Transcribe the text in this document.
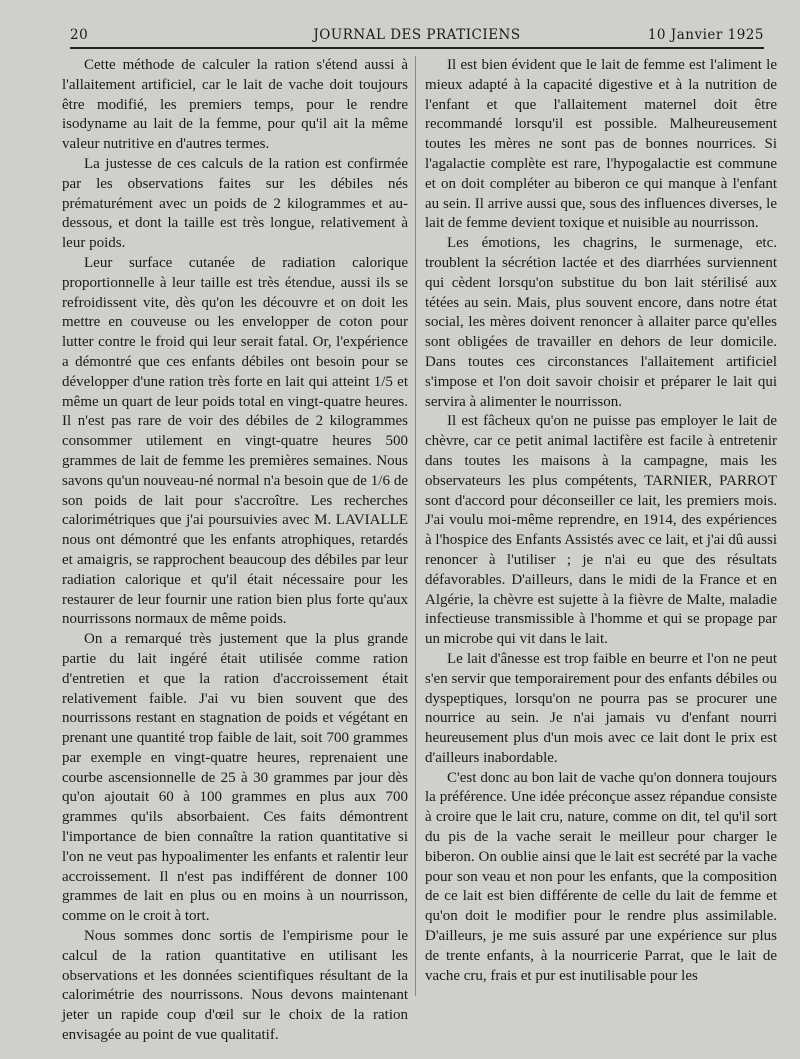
20	JOURNAL DES PRATICIENS	10 Janvier 1925

Cette méthode de calculer la ration s'étend aussi à l'allaitement artificiel, car le lait de vache doit toujours être modifié, les premiers temps, pour le rendre isodyname au lait de la femme, pour qu'il ait la même valeur nutritive en d'autres termes.

La justesse de ces calculs de la ration est confirmée par les observations faites sur les débiles nés prématurément avec un poids de 2 kilogrammes et au-dessous, et dont la taille est très longue, relativement à leur poids.

Leur surface cutanée de radiation calorique proportionnelle à leur taille est très étendue, aussi ils se refroidissent vite, dès qu'on les découvre et on doit les mettre en couveuse ou les envelopper de coton pour lutter contre le froid qui leur serait fatal. Or, l'expérience a démontré que ces enfants débiles ont besoin pour se développer d'une ration très forte en lait qui atteint 1/5 et même un quart de leur poids total en vingt-quatre heures. Il n'est pas rare de voir des débiles de 2 kilogrammes consommer utilement en vingt-quatre heures 500 grammes de lait de femme les premières semaines. Nous savons qu'un nouveau-né normal n'a besoin que de 1/6 de son poids de lait pour s'accroître. Les recherches calorimétriques que j'ai poursuivies avec M. LAVIALLE nous ont démontré que les enfants atrophiques, retardés et amaigris, se rapprochent beaucoup des débiles par leur radiation calorique et qu'il était nécessaire pour les restaurer de leur fournir une ration bien plus forte qu'aux nourrissons normaux de même poids.

On a remarqué très justement que la plus grande partie du lait ingéré était utilisée comme ration d'entretien et que la ration d'accroissement était relativement faible. J'ai vu bien souvent que des nourrissons restant en stagnation de poids et végétant en prenant une quantité trop faible de lait, soit 700 grammes par exemple en vingt-quatre heures, reprenaient une courbe ascensionnelle de 25 à 30 grammes par jour dès qu'on ajoutait 60 à 100 grammes en plus aux 700 grammes qu'ils absorbaient. Ces faits démontrent l'importance de bien connaître la ration quantitative si l'on ne veut pas hypoalimenter les enfants et ralentir leur accroissement. Il n'est pas indifférent de donner 100 grammes de lait en plus ou en moins à un nourrisson, comme on le croit à tort.

Nous sommes donc sortis de l'empirisme pour le calcul de la ration quantitative en utilisant les observations et les données scientifiques résultant de la calorimétrie des nourrissons. Nous devons maintenant jeter un rapide coup d'œil sur le choix de la ration envisagée au point de vue qualitatif.

Il est bien évident que le lait de femme est l'aliment le mieux adapté à la capacité digestive et à la nutrition de l'enfant et que l'allaitement maternel doit être recommandé lorsqu'il est possible. Malheureusement toutes les mères ne sont pas de bonnes nourrices. Si l'agalactie complète est rare, l'hypogalactie est commune et on doit compléter au biberon ce qui manque à l'enfant au sein. Il arrive aussi que, sous des influences diverses, le lait de femme devient toxique et nuisible au nourrisson.

Les émotions, les chagrins, le surmenage, etc. troublent la sécrétion lactée et des diarrhées surviennent qui cèdent lorsqu'on substitue du bon lait stérilisé aux tétées au sein. Mais, plus souvent encore, dans notre état social, les mères doivent renoncer à allaiter parce qu'elles sont obligées de travailler en dehors de leur domicile. Dans toutes ces circonstances l'allaitement artificiel s'impose et l'on doit savoir choisir et préparer le lait qui servira à alimenter le nourrisson.

Il est fâcheux qu'on ne puisse pas employer le lait de chèvre, car ce petit animal lactifère est facile à entretenir dans toutes les maisons à la campagne, mais les observateurs les plus compétents, TARNIER, PARROT sont d'accord pour déconseiller ce lait, les premiers mois. J'ai voulu moi-même reprendre, en 1914, des expériences à l'hospice des Enfants Assistés avec ce lait, et j'ai dû aussi renoncer à l'utiliser ; je n'ai eu que des résultats défavorables. D'ailleurs, dans le midi de la France et en Algérie, la chèvre est sujette à la fièvre de Malte, maladie infectieuse transmissible à l'homme et qui se propage par un microbe qui vit dans le lait.

Le lait d'ânesse est trop faible en beurre et l'on ne peut s'en servir que temporairement pour des enfants débiles ou dyspeptiques, lorsqu'on ne pourra pas se procurer une nourrice au sein. Je n'ai jamais vu d'enfant nourri heureusement plus d'un mois avec ce lait dont le prix est d'ailleurs inabordable.

C'est donc au bon lait de vache qu'on donnera toujours la préférence. Une idée préconçue assez répandue consiste à croire que le lait cru, nature, comme on dit, tel qu'il sort du pis de la vache serait le meilleur pour charger le biberon. On oublie ainsi que le lait est secrété par la vache pour son veau et non pour les enfants, que la composition de ce lait est bien différente de celle du lait de femme et qu'on doit le modifier pour le rendre plus assimilable. D'ailleurs, je me suis assuré par une expérience sur plus de trente enfants, à la nourricerie Parrat, que le lait de vache cru, frais et pur est inutilisable pour les
